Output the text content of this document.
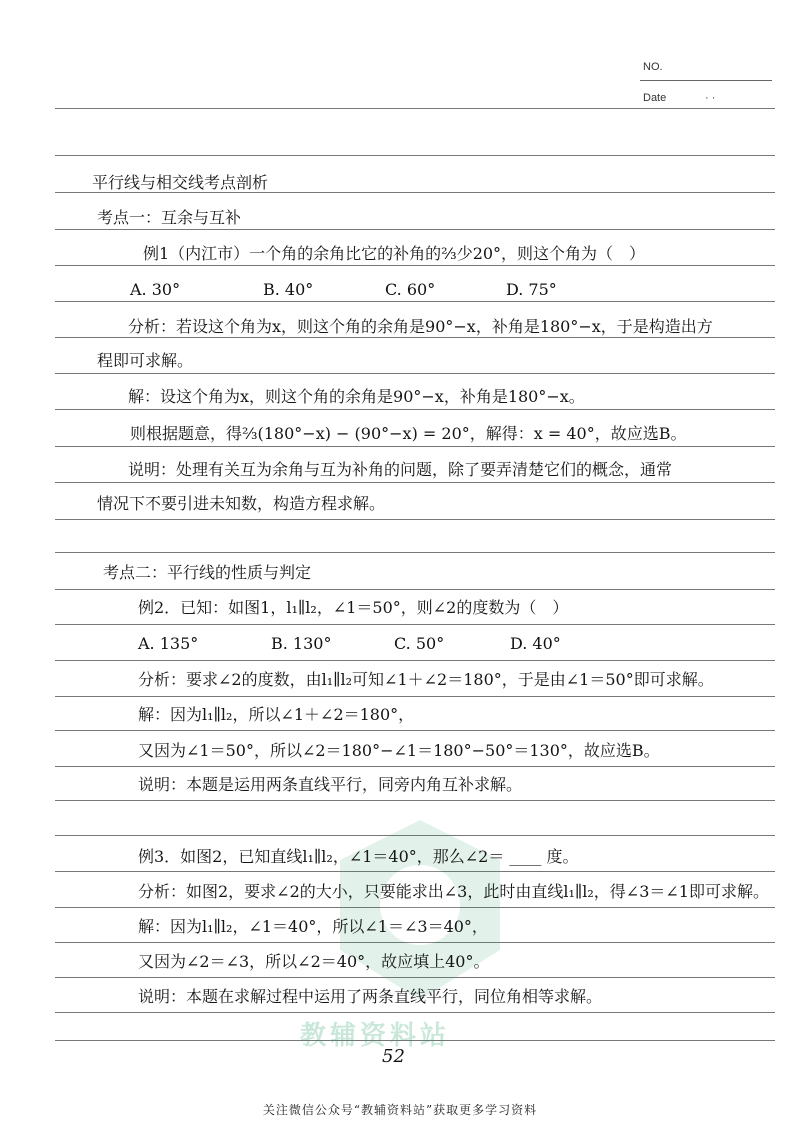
NO.
Date	· ·
教辅资料站
平行线与相交线考点剖析
考点一：互余与互补
例1（内江市）一个角的余角比它的补角的⅔少20°，则这个角为（　）
A. 30°	B. 40°	C. 60°	D. 75°
分析：若设这个角为x，则这个角的余角是90°−x，补角是180°−x，于是构造出方
程即可求解。
解：设这个角为x，则这个角的余角是90°−x，补角是180°−x。
则根据题意，得⅔(180°−x) − (90°−x) = 20°，解得：x = 40°，故应选B。
说明：处理有关互为余角与互为补角的问题，除了要弄清楚它们的概念，通常
情况下不要引进未知数，构造方程求解。
考点二：平行线的性质与判定
例2．已知：如图1，l₁∥l₂，∠1＝50°，则∠2的度数为（　）
A. 135°	B. 130°	C. 50°	D. 40°
分析：要求∠2的度数，由l₁∥l₂可知∠1＋∠2＝180°，于是由∠1＝50°即可求解。
解：因为l₁∥l₂，所以∠1＋∠2＝180°，
又因为∠1＝50°，所以∠2＝180°−∠1＝180°−50°＝130°，故应选B。
说明：本题是运用两条直线平行，同旁内角互补求解。
例3．如图2，已知直线l₁∥l₂，∠1＝40°，那么∠2＝ ____ 度。
分析：如图2，要求∠2的大小，只要能求出∠3，此时由直线l₁∥l₂，得∠3＝∠1即可求解。
解：因为l₁∥l₂，∠1＝40°，所以∠1＝∠3＝40°，
又因为∠2＝∠3，所以∠2＝40°，故应填上40°。
说明：本题在求解过程中运用了两条直线平行，同位角相等求解。
52
关注微信公众号“教辅资料站”获取更多学习资料
